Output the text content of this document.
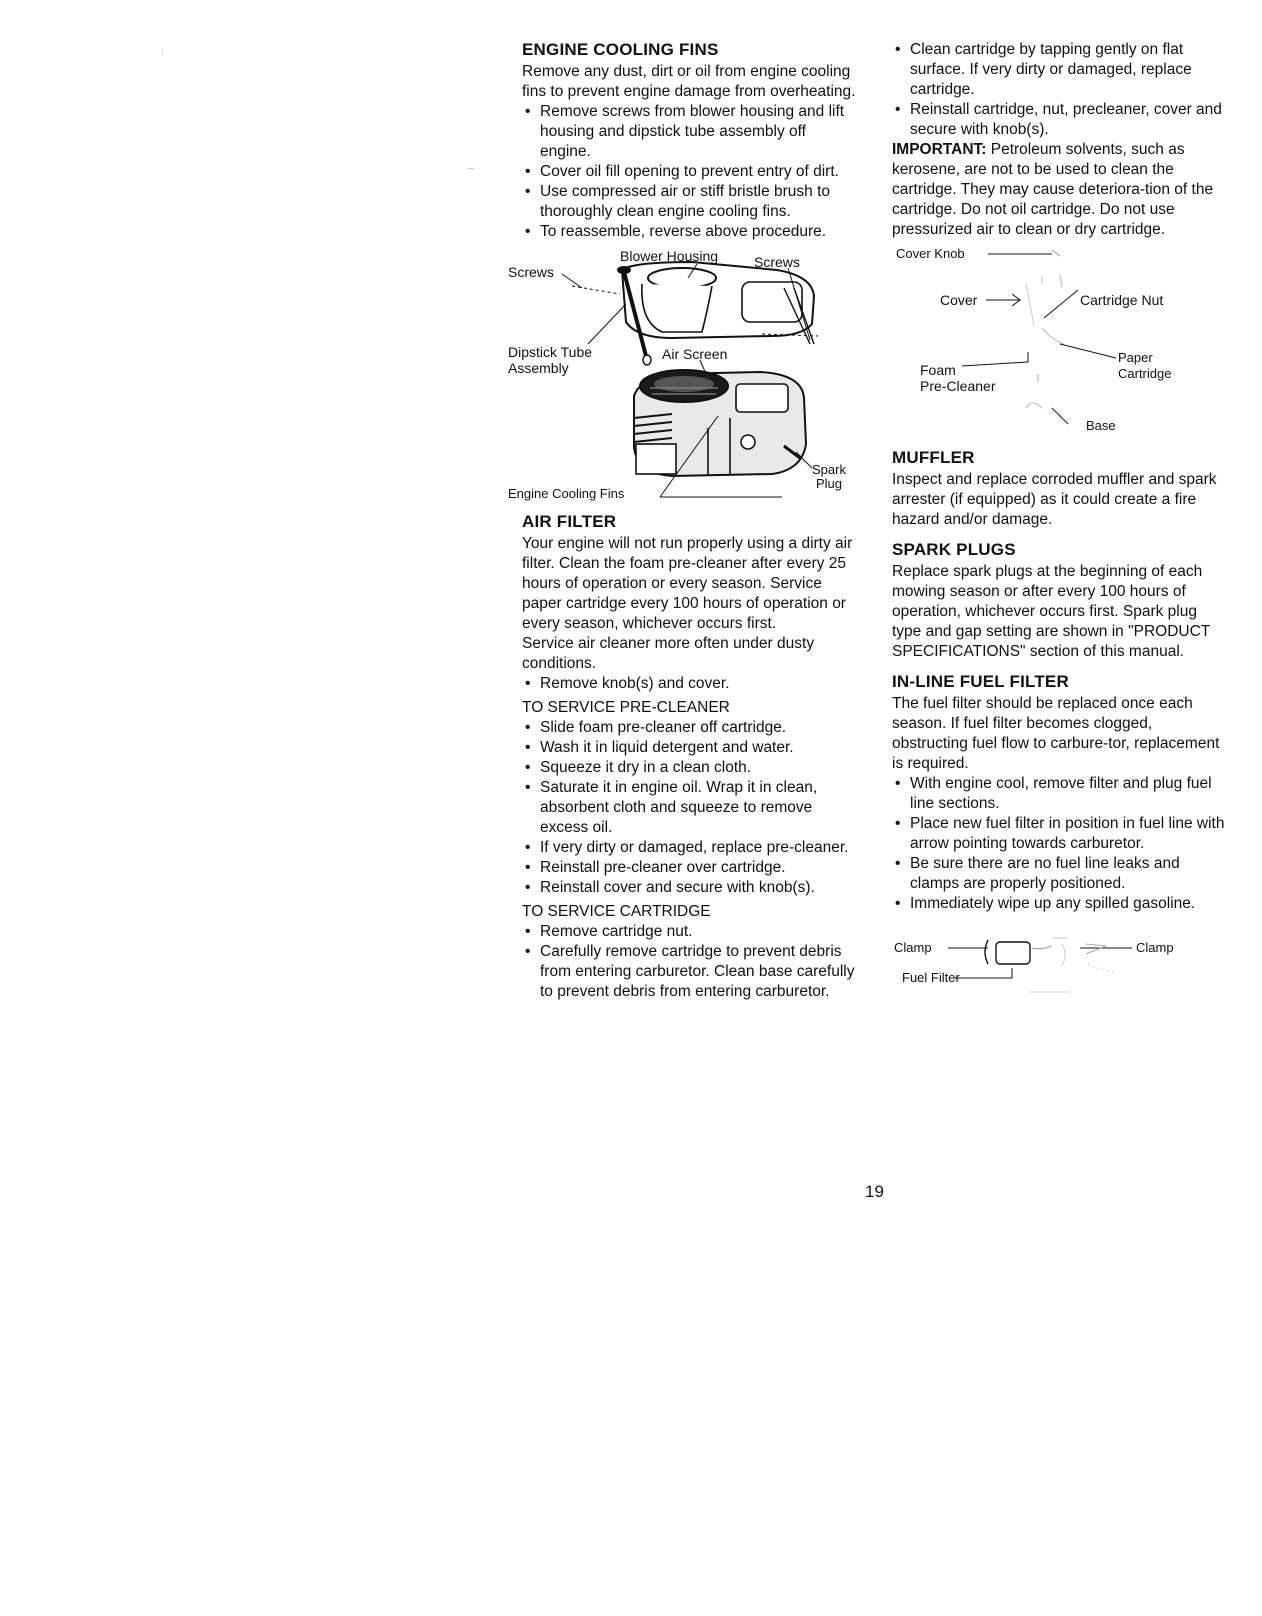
ENGINE COOLING FINS

Remove any dust, dirt or oil from engine cooling fins to prevent engine damage from overheating.

• Remove screws from blower housing and lift housing and dipstick tube assembly off engine.
• Cover oil fill opening to prevent entry of dirt.
• Use compressed air or stiff bristle brush to thoroughly clean engine cooling fins.
• To reassemble, reverse above procedure.
Screws
Blower Housing	Screws
Dipstick Tube
Assembly
Air Screen
Engine Cooling Fins
Spark
Plug
AIR FILTER

Your engine will not run properly using a dirty air filter. Clean the foam pre-cleaner after every 25 hours of operation or every season. Service paper cartridge every 100 hours of operation or every season, whichever occurs first.

Service air cleaner more often under dusty conditions.

• Remove knob(s) and cover.

TO SERVICE PRE-CLEANER

• Slide foam pre-cleaner off cartridge.
• Wash it in liquid detergent and water.
• Squeeze it dry in a clean cloth.
• Saturate it in engine oil. Wrap it in clean, absorbent cloth and squeeze to remove excess oil.
• If very dirty or damaged, replace pre-cleaner.
• Reinstall pre-cleaner over cartridge.
• Reinstall cover and secure with knob(s).

TO SERVICE CARTRIDGE

• Remove cartridge nut.
• Carefully remove cartridge to prevent debris from entering carburetor. Clean base carefully to prevent debris from entering carburetor.
• Clean cartridge by tapping gently on flat surface. If very dirty or damaged, replace cartridge.
• Reinstall cartridge, nut, precleaner, cover and secure with knob(s).

IMPORTANT: Petroleum solvents, such as kerosene, are not to be used to clean the cartridge. They may cause deteriora-tion of the cartridge. Do not oil cartridge. Do not use pressurized air to clean or dry cartridge.

Cover Knob
Cover	Cartridge Nut
Paper
Cartridge
Foam
Pre-Cleaner
Base
MUFFLER

Inspect and replace corroded muffler and spark arrester (if equipped) as it could create a fire hazard and/or damage.

SPARK PLUGS

Replace spark plugs at the beginning of each mowing season or after every 100 hours of operation, whichever occurs first. Spark plug type and gap setting are shown in "PRODUCT SPECIFICATIONS" section of this manual.

IN-LINE FUEL FILTER

The fuel filter should be replaced once each season. If fuel filter becomes clogged, obstructing fuel flow to carbure-tor, replacement is required.

• With engine cool, remove filter and plug fuel line sections.
• Place new fuel filter in position in fuel line with arrow pointing towards carburetor.
• Be sure there are no fuel line leaks and clamps are properly positioned.
• Immediately wipe up any spilled gasoline.
Clamp
Fuel Filter
Clamp
19
